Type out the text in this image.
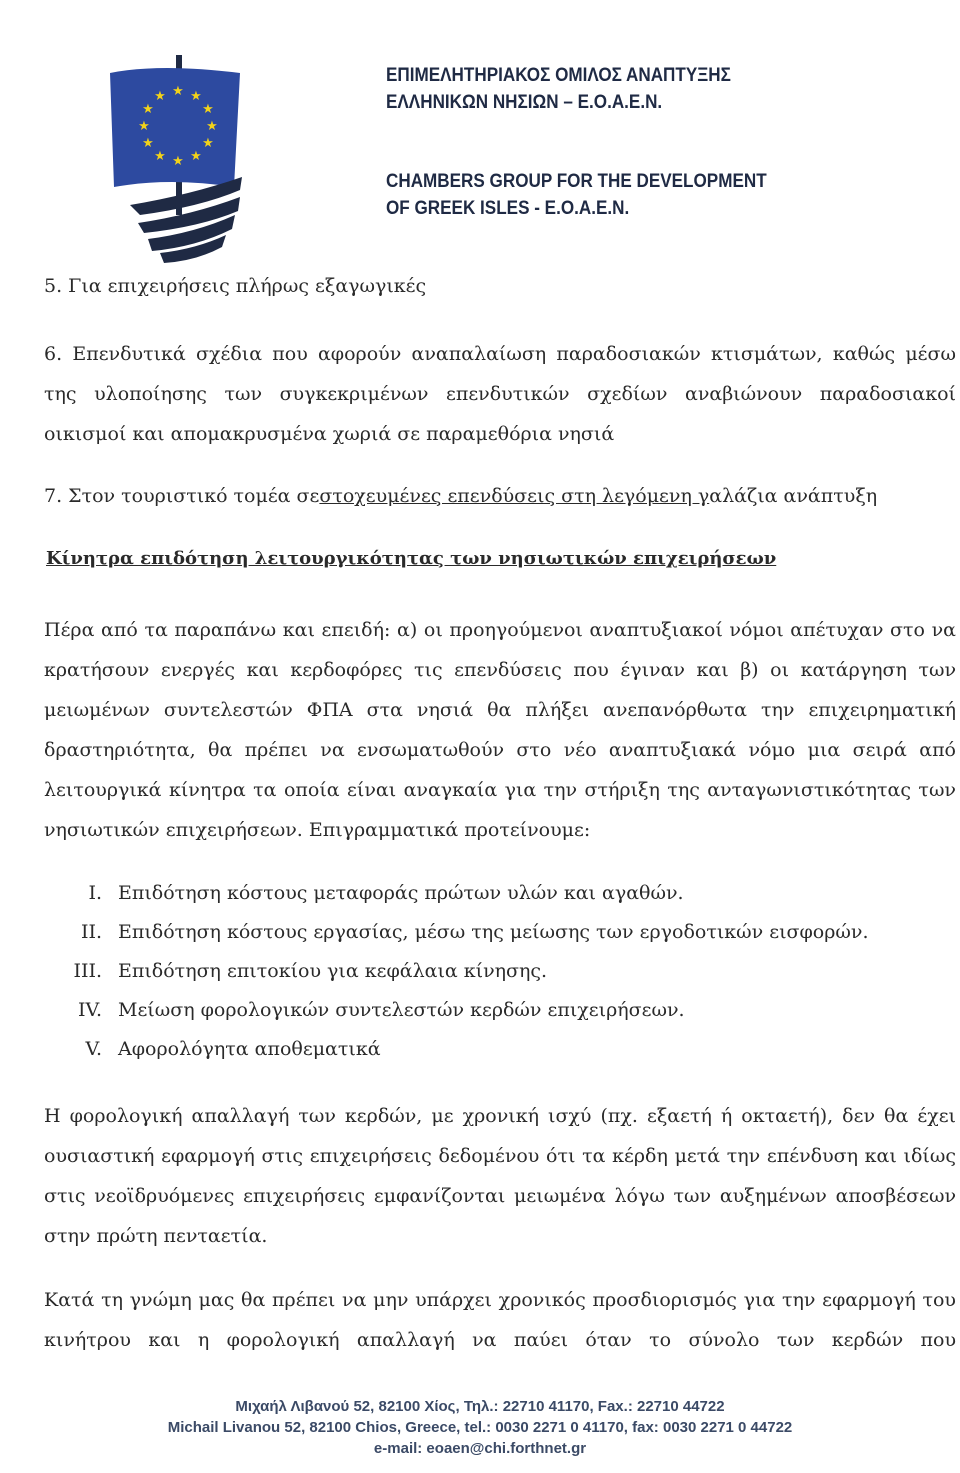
★ ★
★
★
★
★
★
★
★
★
★
★
ΕΠΙΜΕΛΗΤΗΡΙΑΚΟΣ ΟΜΙΛΟΣ ΑΝΑΠΤΥΞΗΣ
ΕΛΛΗΝΙΚΩΝ ΝΗΣΙΩΝ – Ε.Ο.Α.Ε.Ν.
CHAMBERS GROUP FOR THE DEVELOPMENT
OF GREEK ISLES - E.O.A.E.N.

5. Για επιχειρήσεις πλήρως εξαγωγικές

6. Επενδυτικά σχέδια που αφορούν αναπαλαίωση παραδοσιακών κτισμάτων, καθώς μέσω
της υλοποίησης των συγκεκριμένων επενδυτικών σχεδίων αναβιώνουν παραδοσιακοί
οικισμοί και απομακρυσμένα χωριά σε παραμεθόρια νησιά

7. Στον τουριστικό τομέα σεστοχευμένες επενδύσεις στη λεγόμενη γαλάζια ανάπτυξη

Κίνητρα επιδότηση λειτουργικότητας των νησιωτικών επιχειρήσεων

Πέρα από τα παραπάνω και επειδή: α) οι προηγούμενοι αναπτυξιακοί νόμοι απέτυχαν στο να
κρατήσουν ενεργές και κερδοφόρες τις επενδύσεις που έγιναν και β) οι κατάργηση των
μειωμένων συντελεστών ΦΠΑ στα νησιά θα πλήξει ανεπανόρθωτα την επιχειρηματική
δραστηριότητα, θα πρέπει να ενσωματωθούν στο νέο αναπτυξιακά νόμο μια σειρά από
λειτουργικά κίνητρα τα οποία είναι αναγκαία για την στήριξη της ανταγωνιστικότητας των
νησιωτικών επιχειρήσεων. Επιγραμματικά προτείνουμε:

I. Επιδότηση κόστους μεταφοράς πρώτων υλών και αγαθών.
II. Επιδότηση κόστους εργασίας, μέσω της μείωσης των εργοδοτικών εισφορών.
III. Επιδότηση επιτοκίου για κεφάλαια κίνησης.
IV. Μείωση φορολογικών συντελεστών κερδών επιχειρήσεων.
V. Αφορολόγητα αποθεματικά

Η φορολογική απαλλαγή των κερδών, με χρονική ισχύ (πχ. εξαετή ή οκταετή), δεν θα έχει
ουσιαστική εφαρμογή στις επιχειρήσεις δεδομένου ότι τα κέρδη μετά την επένδυση και ιδίως
στις νεοϊδρυόμενες επιχειρήσεις εμφανίζονται μειωμένα λόγω των αυξημένων αποσβέσεων
στην πρώτη πενταετία.

Κατά τη γνώμη μας θα πρέπει να μην υπάρχει χρονικός προσδιορισμός για την εφαρμογή του
κινήτρου και η φορολογική απαλλαγή να παύει όταν το σύνολο των κερδών που

Μιχαήλ Λιβανού 52, 82100 Χίος, Τηλ.: 22710 41170, Fax.: 22710 44722
Michail Livanou 52, 82100 Chios, Greece, tel.: 0030 2271 0 41170, fax: 0030 2271 0 44722
e-mail: eoaen@chi.forthnet.gr
